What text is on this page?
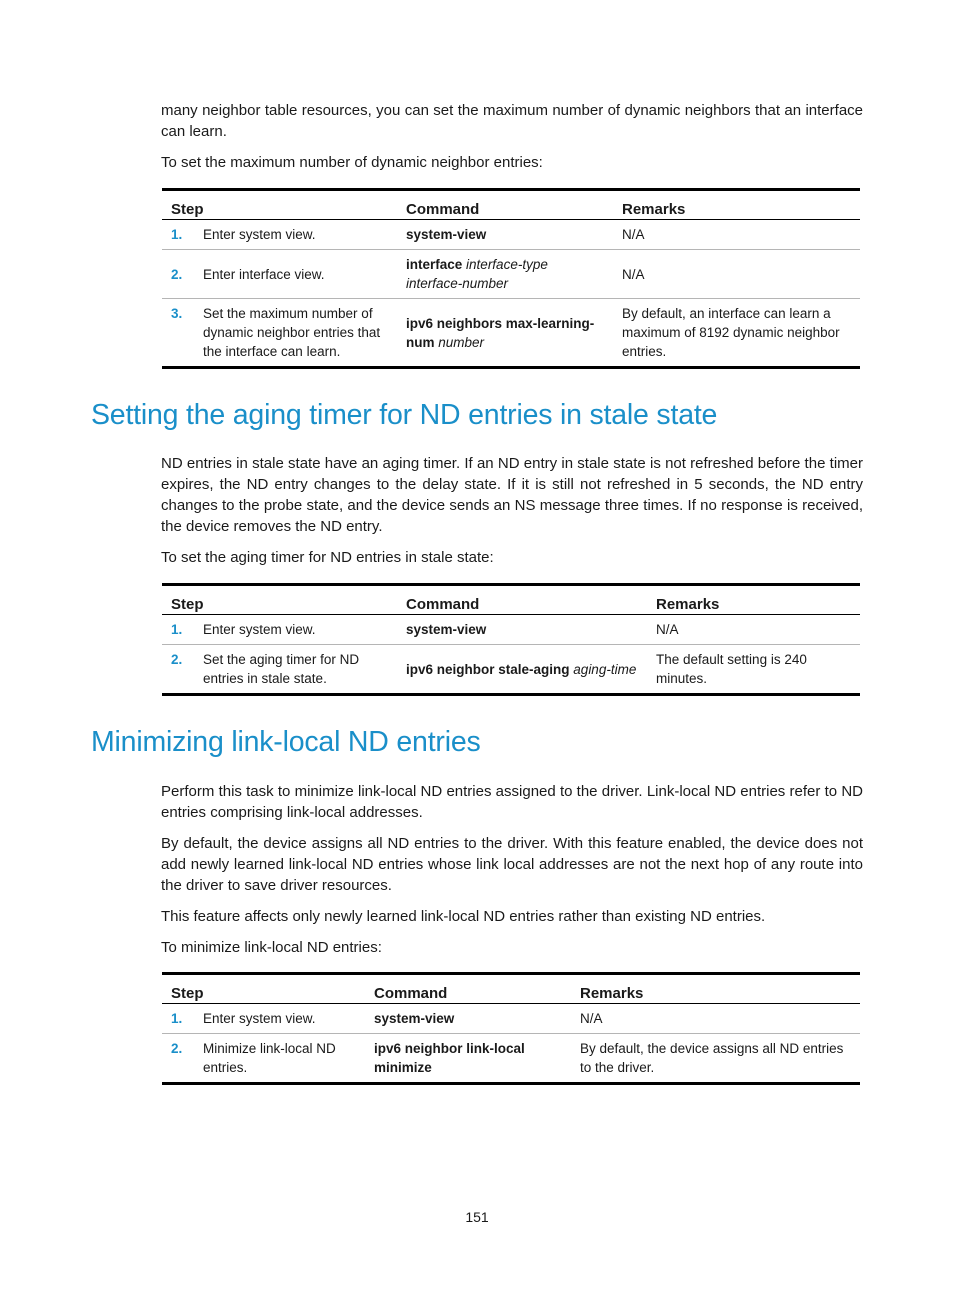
many neighbor table resources, you can set the maximum number of dynamic neighbors that an interface can learn.

To set the maximum number of dynamic neighbor entries:

Step	Command	Remarks
1. Enter system view.	system-view	N/A
2. Enter interface view.	interface interface-type interface-number	N/A
3. Set the maximum number of dynamic neighbor entries that the interface can learn.	ipv6 neighbors max-learning-num number	By default, an interface can learn a maximum of 8192 dynamic neighbor entries.
Setting the aging timer for ND entries in stale state

ND entries in stale state have an aging timer. If an ND entry in stale state is not refreshed before the timer expires, the ND entry changes to the delay state. If it is still not refreshed in 5 seconds, the ND entry changes to the probe state, and the device sends an NS message three times. If no response is received, the device removes the ND entry.

To set the aging timer for ND entries in stale state:

Step	Command	Remarks
1. Enter system view.	system-view	N/A
2. Set the aging timer for ND entries in stale state.	ipv6 neighbor stale-aging aging-time	The default setting is 240 minutes.
Minimizing link-local ND entries

Perform this task to minimize link-local ND entries assigned to the driver. Link-local ND entries refer to ND entries comprising link-local addresses.

By default, the device assigns all ND entries to the driver. With this feature enabled, the device does not add newly learned link-local ND entries whose link local addresses are not the next hop of any route into the driver to save driver resources.

This feature affects only newly learned link-local ND entries rather than existing ND entries.

To minimize link-local ND entries:

Step	Command	Remarks
1. Enter system view.	system-view	N/A
2. Minimize link-local ND entries.	ipv6 neighbor link-local minimize	By default, the device assigns all ND entries to the driver.
151
